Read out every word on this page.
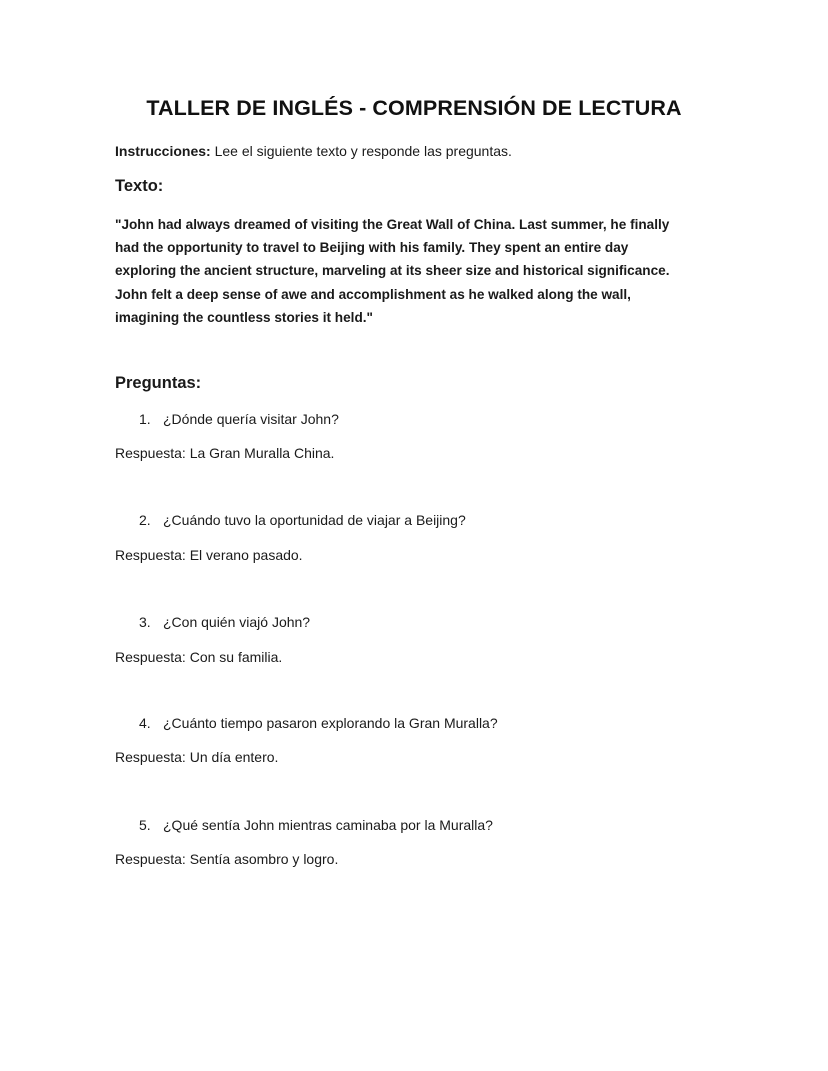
TALLER DE INGLÉS - COMPRENSIÓN DE LECTURA

Instrucciones: Lee el siguiente texto y responde las preguntas.

Texto:
"John had always dreamed of visiting the Great Wall of China. Last summer, he finally
had the opportunity to travel to Beijing with his family. They spent an entire day
exploring the ancient structure, marveling at its sheer size and historical significance.
John felt a deep sense of awe and accomplishment as he walked along the wall,
imagining the countless stories it held."
Preguntas:

1. ¿Dónde quería visitar John?

Respuesta: La Gran Muralla China.

2. ¿Cuándo tuvo la oportunidad de viajar a Beijing?

Respuesta: El verano pasado.

3. ¿Con quién viajó John?

Respuesta: Con su familia.

4. ¿Cuánto tiempo pasaron explorando la Gran Muralla?

Respuesta: Un día entero.

5. ¿Qué sentía John mientras caminaba por la Muralla?

Respuesta: Sentía asombro y logro.
